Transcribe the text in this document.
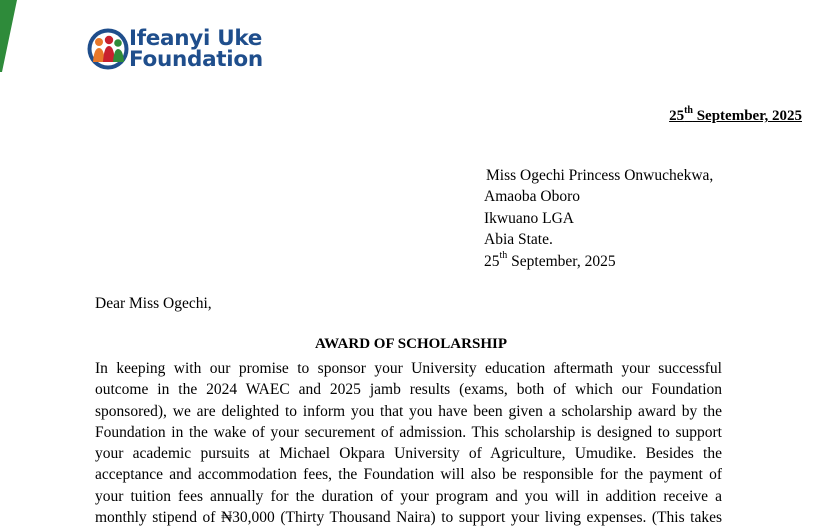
Ifeanyi Uke
Foundation
25th September, 2025
Miss Ogechi Princess Onwuchekwa,
Amaoba Oboro
Ikwuano LGA
Abia State.
25th September, 2025
Dear Miss Ogechi,
AWARD OF SCHOLARSHIP
In keeping with our promise to sponsor your University education aftermath your successful
outcome in the 2024 WAEC and 2025 jamb results (exams, both of which our Foundation
sponsored), we are delighted to inform you that you have been given a scholarship award by the
Foundation in the wake of your securement of admission. This scholarship is designed to support
your academic pursuits at Michael Okpara University of Agriculture, Umudike. Besides the
acceptance and accommodation fees, the Foundation will also be responsible for the payment of
your tuition fees annually for the duration of your program and you will in addition receive a
monthly stipend of ₦30,000 (Thirty Thousand Naira) to support your living expenses. (This takes
